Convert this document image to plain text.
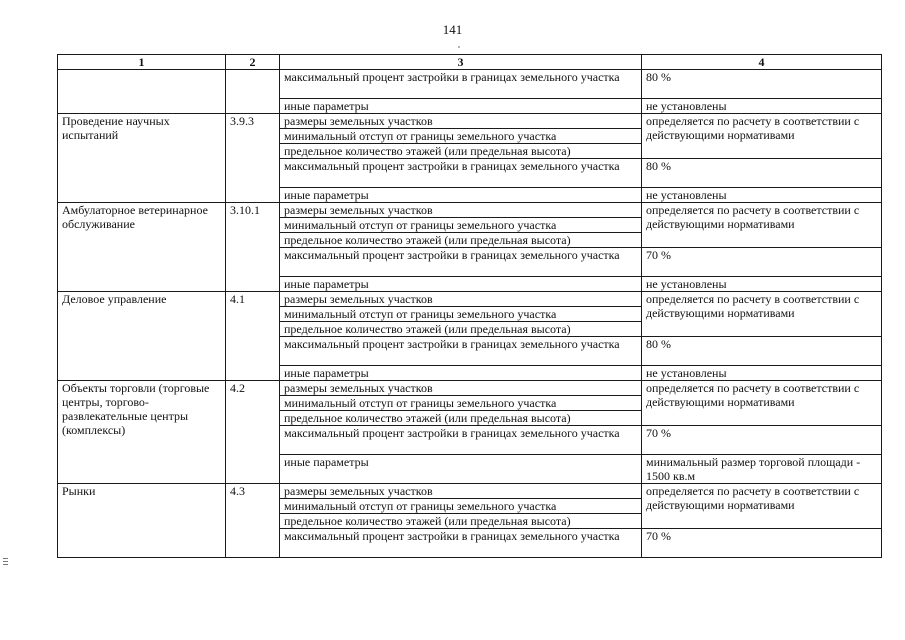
141
1	2	3	4
		максимальный процент застройки в границах земельного участка	80 %
		иные параметры	не установлены
Проведение научных испытаний	3.9.3	размеры земельных участков	определяется по расчету в соответствии с действующими нормативами
		минимальный отступ от границы земельного участка	
		предельное количество этажей (или предельная высота)	
		максимальный процент застройки в границах земельного участка	80 %
		иные параметры	не установлены
Амбулаторное ветеринарное обслуживание	3.10.1	размеры земельных участков	определяется по расчету в соответствии с действующими нормативами
		минимальный отступ от границы земельного участка	
		предельное количество этажей (или предельная высота)	
		максимальный процент застройки в границах земельного участка	70 %
		иные параметры	не установлены
Деловое управление	4.1	размеры земельных участков	определяется по расчету в соответствии с действующими нормативами
		минимальный отступ от границы земельного участка	
		предельное количество этажей (или предельная высота)	
		максимальный процент застройки в границах земельного участка	80 %
		иные параметры	не установлены
Объекты торговли (торговые центры, торгово-развлекательные центры (комплексы)	4.2	размеры земельных участков	определяется по расчету в соответствии с действующими нормативами
		минимальный отступ от границы земельного участка	
		предельное количество этажей (или предельная высота)	
		максимальный процент застройки в границах земельного участка	70 %
		иные параметры	минимальный размер торговой площади - 1500 кв.м
Рынки	4.3	размеры земельных участков	определяется по расчету в соответствии с действующими нормативами
		минимальный отступ от границы земельного участка	
		предельное количество этажей (или предельная высота)	
		максимальный процент застройки в границах земельного участка	70 %
